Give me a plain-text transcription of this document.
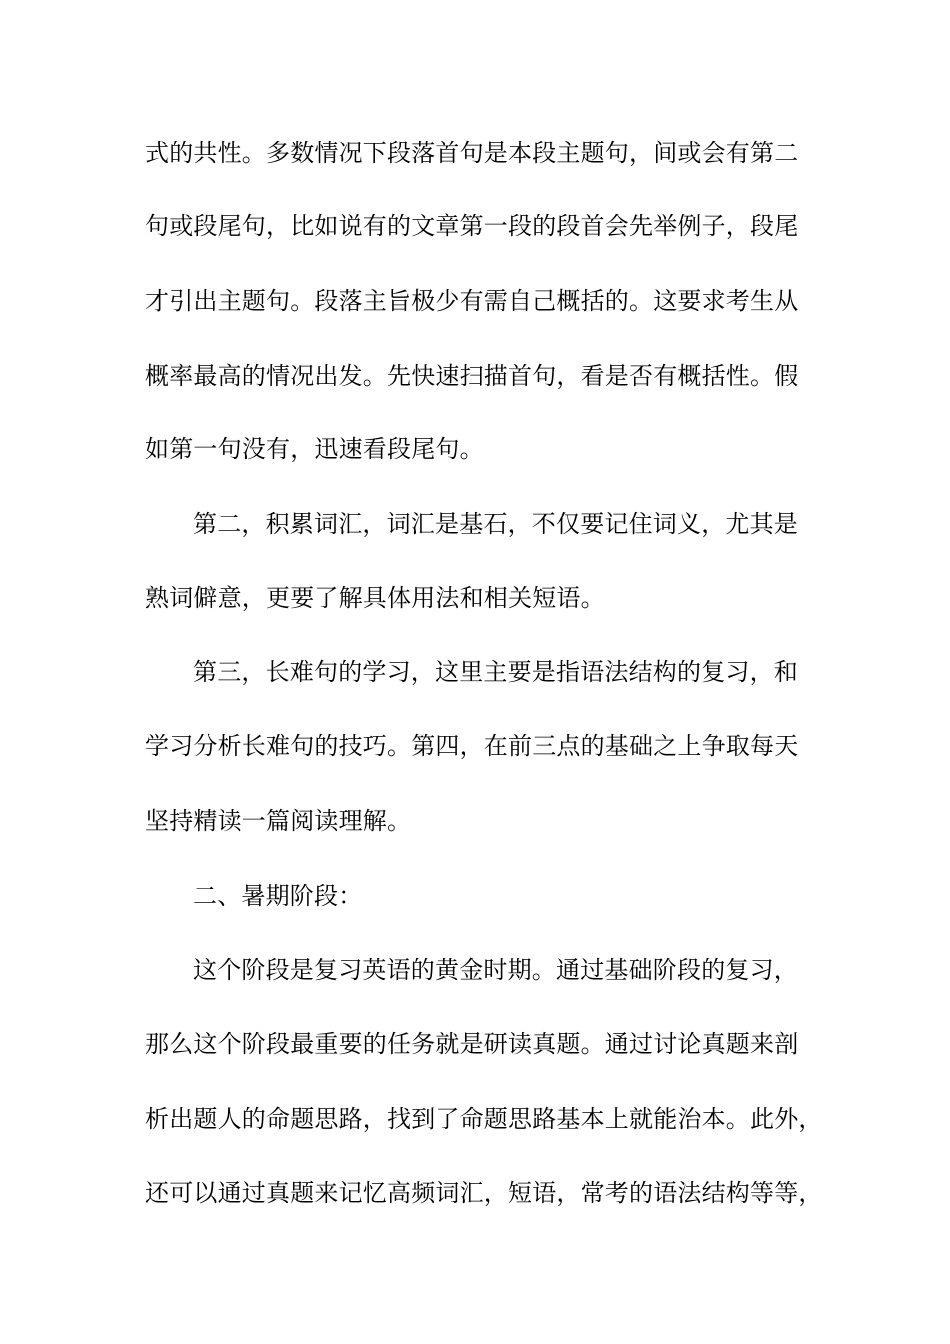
式的共性。多数情况下段落首句是本段主题句，间或会有第二
句或段尾句，比如说有的文章第一段的段首会先举例子，段尾
才引出主题句。段落主旨极少有需自己概括的。这要求考生从
概率最高的情况出发。先快速扫描首句，看是否有概括性。假
如第一句没有，迅速看段尾句。
第二，积累词汇，词汇是基石，不仅要记住词义，尤其是
熟词僻意，更要了解具体用法和相关短语。
第三，长难句的学习，这里主要是指语法结构的复习，和
学习分析长难句的技巧。第四，在前三点的基础之上争取每天
坚持精读一篇阅读理解。
二、暑期阶段：
这个阶段是复习英语的黄金时期。通过基础阶段的复习，
那么这个阶段最重要的任务就是研读真题。通过讨论真题来剖
析出题人的命题思路，找到了命题思路基本上就能治本。此外，
还可以通过真题来记忆高频词汇，短语，常考的语法结构等等，
